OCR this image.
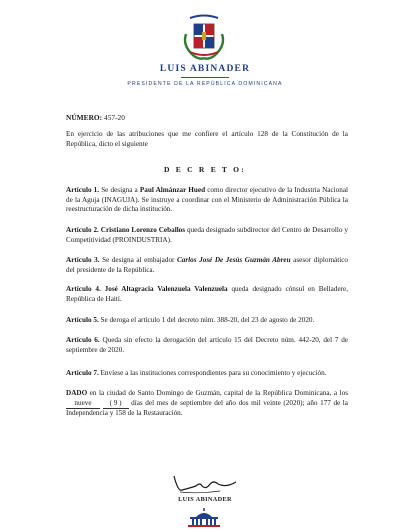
LUIS ABINADER
PRESIDENTE DE LA REPÚBLICA DOMINICANA
NÚMERO: 457-20
En ejercicio de las atribuciones que me confiere el artículo 128 de la Constitución de la República, dicto el siguiente
D E C R E T O:
Artículo 1. Se designa a Paul Almánzar Hued como director ejecutivo de la Industria Nacional de la Aguja (INAGUJA). Se instruye a coordinar con el Ministerio de Administración Pública la reestructuración de dicha institución.
Artículo 2. Cristiano Lorenzo Ceballos queda designado subdirector del Centro de Desarrollo y Competitividad (PROINDUSTRIA).
Artículo 3. Se designa al embajador Carlos José De Jesús Guzmán Abreu asesor diplomático del presidente de la República.
Artículo 4. José Altagracia Valenzuela Valenzuela queda designado cónsul en Belladere, República de Haití.
Artículo 5. Se deroga el artículo 1 del decreto núm. 388-20, del 23 de agosto de 2020.
Artículo 6. Queda sin efecto la derogación del artículo 15 del Decreto núm. 442-20, del 7 de septiembre de 2020.
Artículo 7. Envíese a las instituciones correspondientes para su conocimiento y ejecución.
DADO en la ciudad de Santo Domingo de Guzmán, capital de la República Dominicana, a los nueve	( 9 ) días del mes de septiembre del año dos mil veinte (2020); año 177 de la Independencia y 158 de la Restauración.
LUIS ABINADER
